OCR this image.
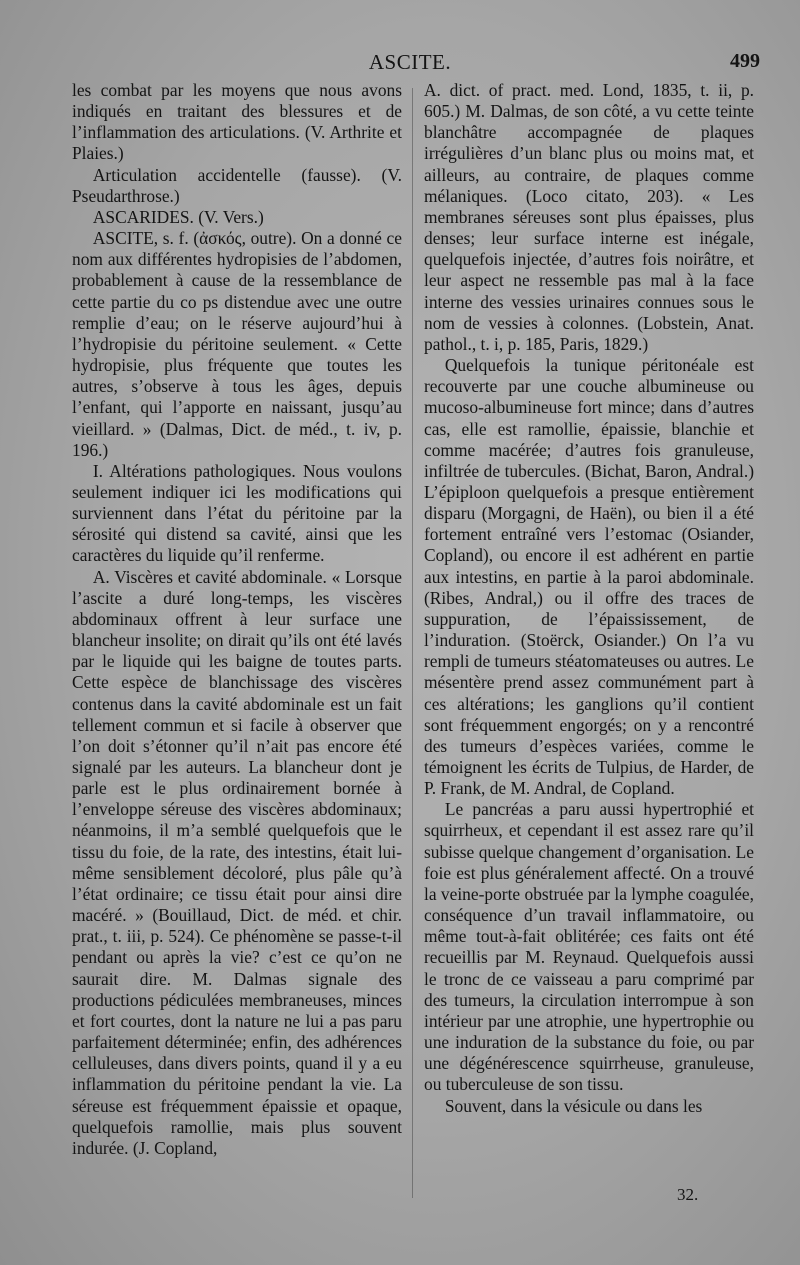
ASCITE.	499

les combat par les moyens que nous avons indiqués en traitant des blessures et de l’inflammation des articulations. (V. Arthrite et Plaies.)

Articulation accidentelle (fausse). (V. Pseudarthrose.)

ASCARIDES. (V. Vers.)

ASCITE, s. f. (ἀσκός, outre). On a donné ce nom aux différentes hydropisies de l’abdomen, probablement à cause de la ressemblance de cette partie du co ps distendue avec une outre remplie d’eau; on le réserve aujourd’hui à l’hydropisie du péritoine seulement. « Cette hydropisie, plus fréquente que toutes les autres, s’observe à tous les âges, depuis l’enfant, qui l’apporte en naissant, jusqu’au vieillard. » (Dalmas, Dict. de méd., t. iv, p. 196.)

I. Altérations pathologiques. Nous voulons seulement indiquer ici les modifications qui surviennent dans l’état du péritoine par la sérosité qui distend sa cavité, ainsi que les caractères du liquide qu’il renferme.

A. Viscères et cavité abdominale. « Lorsque l’ascite a duré long-temps, les viscères abdominaux offrent à leur surface une blancheur insolite; on dirait qu’ils ont été lavés par le liquide qui les baigne de toutes parts. Cette espèce de blanchissage des viscères contenus dans la cavité abdominale est un fait tellement commun et si facile à observer que l’on doit s’étonner qu’il n’ait pas encore été signalé par les auteurs. La blancheur dont je parle est le plus ordinairement bornée à l’enveloppe séreuse des viscères abdominaux; néanmoins, il m’a semblé quelquefois que le tissu du foie, de la rate, des intestins, était lui-même sensiblement décoloré, plus pâle qu’à l’état ordinaire; ce tissu était pour ainsi dire macéré. » (Bouillaud, Dict. de méd. et chir. prat., t. iii, p. 524). Ce phénomène se passe-t-il pendant ou après la vie? c’est ce qu’on ne saurait dire. M. Dalmas signale des productions pédiculées membraneuses, minces et fort courtes, dont la nature ne lui a pas paru parfaitement déterminée; enfin, des adhérences celluleuses, dans divers points, quand il y a eu inflammation du péritoine pendant la vie. La séreuse est fréquemment épaissie et opaque, quelquefois ramollie, mais plus souvent indurée. (J. Copland,

A. dict. of pract. med. Lond, 1835, t. ii, p. 605.) M. Dalmas, de son côté, a vu cette teinte blanchâtre accompagnée de plaques irrégulières d’un blanc plus ou moins mat, et ailleurs, au contraire, de plaques comme mélaniques. (Loco citato, 203). « Les membranes séreuses sont plus épaisses, plus denses; leur surface interne est inégale, quelquefois injectée, d’autres fois noirâtre, et leur aspect ne ressemble pas mal à la face interne des vessies urinaires connues sous le nom de vessies à colonnes. (Lobstein, Anat. pathol., t. i, p. 185, Paris, 1829.)

Quelquefois la tunique péritonéale est recouverte par une couche albumineuse ou mucoso-albumineuse fort mince; dans d’autres cas, elle est ramollie, épaissie, blanchie et comme macérée; d’autres fois granuleuse, infiltrée de tubercules. (Bichat, Baron, Andral.) L’épiploon quelquefois a presque entièrement disparu (Morgagni, de Haën), ou bien il a été fortement entraîné vers l’estomac (Osiander, Copland), ou encore il est adhérent en partie aux intestins, en partie à la paroi abdominale. (Ribes, Andral,) ou il offre des traces de suppuration, de l’épaississement, de l’induration. (Stoërck, Osiander.) On l’a vu rempli de tumeurs stéatomateuses ou autres. Le mésentère prend assez communément part à ces altérations; les ganglions qu’il contient sont fréquemment engorgés; on y a rencontré des tumeurs d’espèces variées, comme le témoignent les écrits de Tulpius, de Harder, de P. Frank, de M. Andral, de Copland.

Le pancréas a paru aussi hypertrophié et squirrheux, et cependant il est assez rare qu’il subisse quelque changement d’organisation. Le foie est plus généralement affecté. On a trouvé la veine-porte obstruée par la lymphe coagulée, conséquence d’un travail inflammatoire, ou même tout-à-fait oblitérée; ces faits ont été recueillis par M. Reynaud. Quelquefois aussi le tronc de ce vaisseau a paru comprimé par des tumeurs, la circulation interrompue à son intérieur par une atrophie, une hypertrophie ou une induration de la substance du foie, ou par une dégénérescence squirrheuse, granuleuse, ou tuberculeuse de son tissu.

Souvent, dans la vésicule ou dans les

32.
